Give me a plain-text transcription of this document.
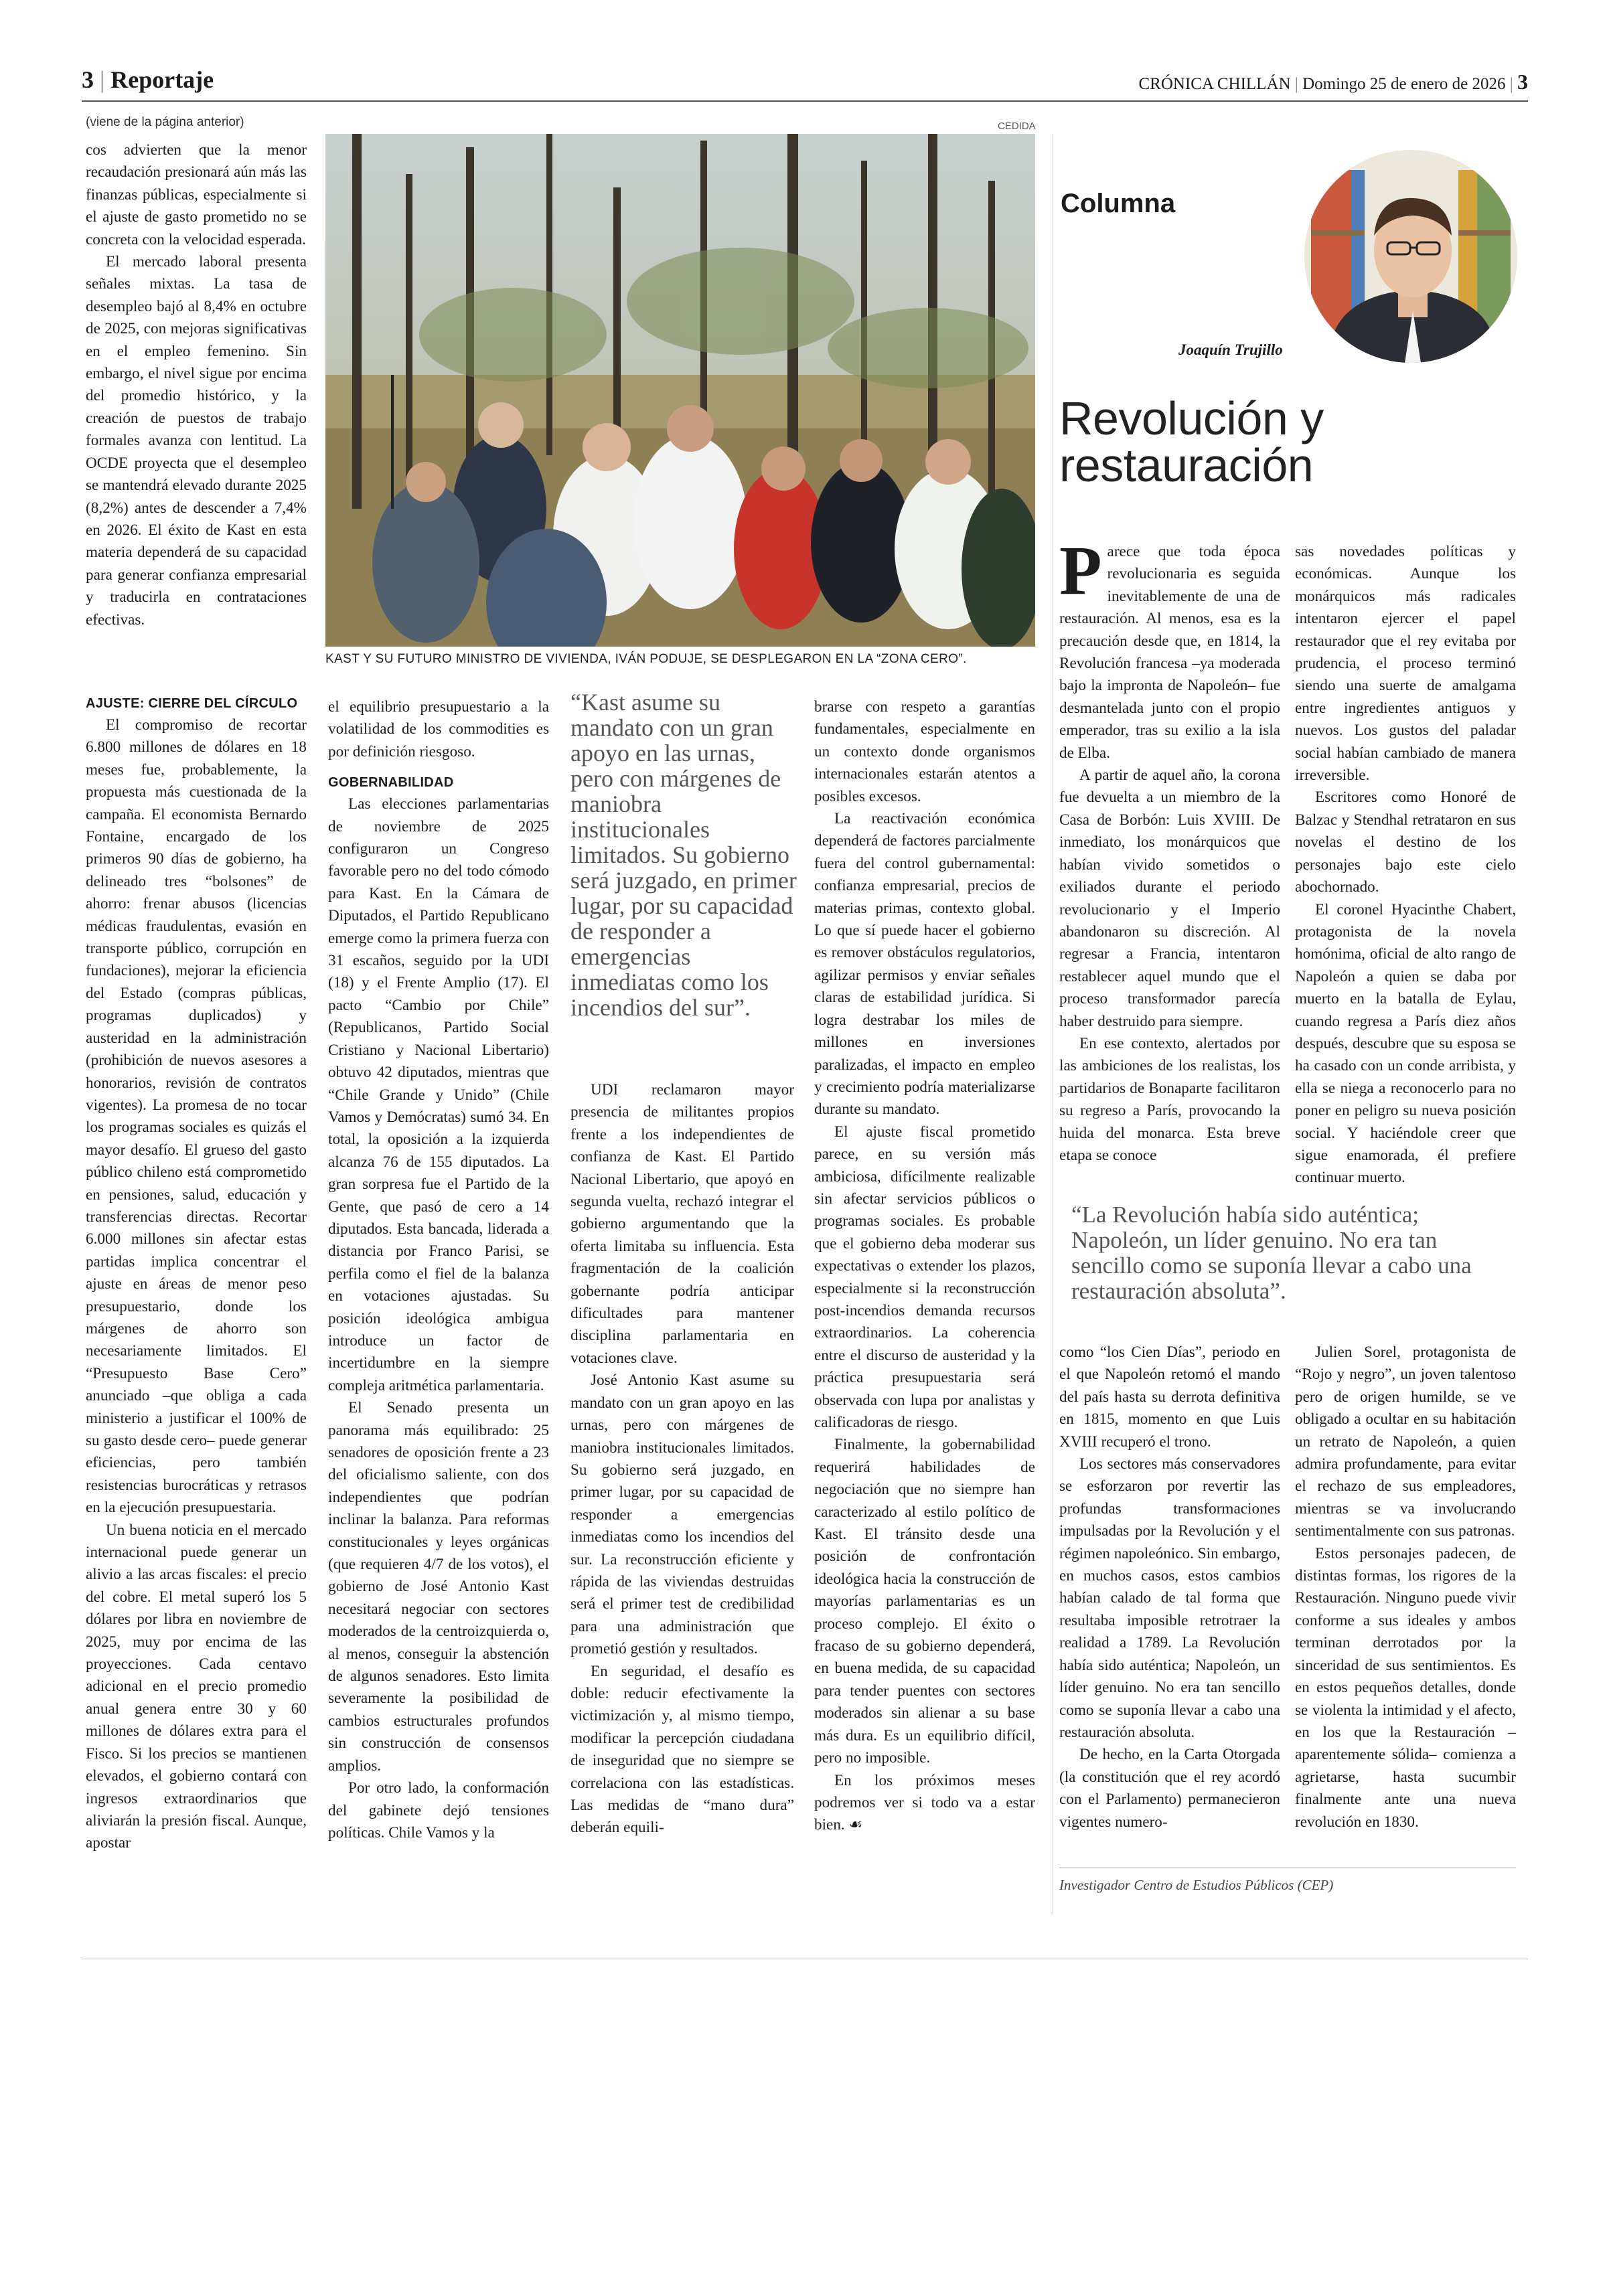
3 | Reportaje	CRÓNICA CHILLÁN | Domingo 25 de enero de 2026 | 3
(viene de la página anterior)

cos advierten que la menor recaudación presionará aún más las finanzas públicas, especialmente si el ajuste de gasto prometido no se concreta con la velocidad esperada.

El mercado laboral presenta señales mixtas. La tasa de desempleo bajó al 8,4% en octubre de 2025, con mejoras significativas en el empleo femenino. Sin embargo, el nivel sigue por encima del promedio histórico, y la creación de puestos de trabajo formales avanza con lentitud. La OCDE proyecta que el desempleo se mantendrá elevado durante 2025 (8,2%) antes de descender a 7,4% en 2026. El éxito de Kast en esta materia dependerá de su capacidad para generar confianza empresarial y traducirla en contrataciones efectivas.

CEDIDA
KAST Y SU FUTURO MINISTRO DE VIVIENDA, IVÁN PODUJE, SE DESPLEGARON EN LA “ZONA CERO”.
AJUSTE: CIERRE DEL CÍRCULO

El compromiso de recortar 6.800 millones de dólares en 18 meses fue, probablemente, la propuesta más cuestionada de la campaña. El economista Bernardo Fontaine, encargado de los primeros 90 días de gobierno, ha delineado tres “bolsones” de ahorro: frenar abusos (licencias médicas fraudulentas, evasión en transporte público, corrupción en fundaciones), mejorar la eficiencia del Estado (compras públicas, programas duplicados) y austeridad en la administración (prohibición de nuevos asesores a honorarios, revisión de contratos vigentes). La promesa de no tocar los programas sociales es quizás el mayor desafío. El grueso del gasto público chileno está comprometido en pensiones, salud, educación y transferencias directas. Recortar 6.000 millones sin afectar estas partidas implica concentrar el ajuste en áreas de menor peso presupuestario, donde los márgenes de ahorro son necesariamente limitados. El “Presupuesto Base Cero” anunciado –que obliga a cada ministerio a justificar el 100% de su gasto desde cero– puede generar eficiencias, pero también resistencias burocráticas y retrasos en la ejecución presupuestaria.

Un buena noticia en el mercado internacional puede generar un alivio a las arcas fiscales: el precio del cobre. El metal superó los 5 dólares por libra en noviembre de 2025, muy por encima de las proyecciones. Cada centavo adicional en el precio promedio anual genera entre 30 y 60 millones de dólares extra para el Fisco. Si los precios se mantienen elevados, el gobierno contará con ingresos extraordinarios que aliviarán la presión fiscal. Aunque, apostar

el equilibrio presupuestario a la volatilidad de los commodities es por definición riesgoso.

GOBERNABILIDAD

Las elecciones parlamentarias de noviembre de 2025 configuraron un Congreso favorable pero no del todo cómodo para Kast. En la Cámara de Diputados, el Partido Republicano emerge como la primera fuerza con 31 escaños, seguido por la UDI (18) y el Frente Amplio (17). El pacto “Cambio por Chile” (Republicanos, Partido Social Cristiano y Nacional Libertario) obtuvo 42 diputados, mientras que “Chile Grande y Unido” (Chile Vamos y Demócratas) sumó 34. En total, la oposición a la izquierda alcanza 76 de 155 diputados. La gran sorpresa fue el Partido de la Gente, que pasó de cero a 14 diputados. Esta bancada, liderada a distancia por Franco Parisi, se perfila como el fiel de la balanza en votaciones ajustadas. Su posición ideológica ambigua introduce un factor de incertidumbre en la siempre compleja aritmética parlamentaria.

El Senado presenta un panorama más equilibrado: 25 senadores de oposición frente a 23 del oficialismo saliente, con dos independientes que podrían inclinar la balanza. Para reformas constitucionales y leyes orgánicas (que requieren 4/7 de los votos), el gobierno de José Antonio Kast necesitará negociar con sectores moderados de la centroizquierda o, al menos, conseguir la abstención de algunos senadores. Esto limita severamente la posibilidad de cambios estructurales profundos sin construcción de consensos amplios.

Por otro lado, la conformación del gabinete dejó tensiones políticas. Chile Vamos y la

“Kast asume su mandato con un gran apoyo en las urnas, pero con márgenes de maniobra institucionales limitados. Su gobierno será juzgado, en primer lugar, por su capacidad de responder a emergencias inmediatas como los incendios del sur”.

UDI reclamaron mayor presencia de militantes propios frente a los independientes de confianza de Kast. El Partido Nacional Libertario, que apoyó en segunda vuelta, rechazó integrar el gobierno argumentando que la oferta limitaba su influencia. Esta fragmentación de la coalición gobernante podría anticipar dificultades para mantener disciplina parlamentaria en votaciones clave.

José Antonio Kast asume su mandato con un gran apoyo en las urnas, pero con márgenes de maniobra institucionales limitados. Su gobierno será juzgado, en primer lugar, por su capacidad de responder a emergencias inmediatas como los incendios del sur. La reconstrucción eficiente y rápida de las viviendas destruidas será el primer test de credibilidad para una administración que prometió gestión y resultados.

En seguridad, el desafío es doble: reducir efectivamente la victimización y, al mismo tiempo, modificar la percepción ciudadana de inseguridad que no siempre se correlaciona con las estadísticas. Las medidas de “mano dura” deberán equili-

brarse con respeto a garantías fundamentales, especialmente en un contexto donde organismos internacionales estarán atentos a posibles excesos.

La reactivación económica dependerá de factores parcialmente fuera del control gubernamental: confianza empresarial, precios de materias primas, contexto global. Lo que sí puede hacer el gobierno es remover obstáculos regulatorios, agilizar permisos y enviar señales claras de estabilidad jurídica. Si logra destrabar los miles de millones en inversiones paralizadas, el impacto en empleo y crecimiento podría materializarse durante su mandato.

El ajuste fiscal prometido parece, en su versión más ambiciosa, difícilmente realizable sin afectar servicios públicos o programas sociales. Es probable que el gobierno deba moderar sus expectativas o extender los plazos, especialmente si la reconstrucción post-incendios demanda recursos extraordinarios. La coherencia entre el discurso de austeridad y la práctica presupuestaria será observada con lupa por analistas y calificadoras de riesgo.

Finalmente, la gobernabilidad requerirá habilidades de negociación que no siempre han caracterizado al estilo político de Kast. El tránsito desde una posición de confrontación ideológica hacia la construcción de mayorías parlamentarias es un proceso complejo. El éxito o fracaso de su gobierno dependerá, en buena medida, de su capacidad para tender puentes con sectores moderados sin alienar a su base más dura. Es un equilibrio difícil, pero no imposible.

En los próximos meses podremos ver si todo va a estar bien. ☙

Columna
Joaquín Trujillo
Revolución y
restauración

Parece que toda época revolucionaria es seguida inevitablemente de una de restauración. Al menos, esa es la precaución desde que, en 1814, la Revolución francesa –ya moderada bajo la impronta de Napoleón– fue desmantelada junto con el propio emperador, tras su exilio a la isla de Elba.

A partir de aquel año, la corona fue devuelta a un miembro de la Casa de Borbón: Luis XVIII. De inmediato, los monárquicos que habían vivido sometidos o exiliados durante el periodo revolucionario y el Imperio abandonaron su discreción. Al regresar a Francia, intentaron restablecer aquel mundo que el proceso transformador parecía haber destruido para siempre.

En ese contexto, alertados por las ambiciones de los realistas, los partidarios de Bonaparte facilitaron su regreso a París, provocando la huida del monarca. Esta breve etapa se conoce

sas novedades políticas y económicas. Aunque los monárquicos más radicales intentaron ejercer el papel restaurador que el rey evitaba por prudencia, el proceso terminó siendo una suerte de amalgama entre ingredientes antiguos y nuevos. Los gustos del paladar social habían cambiado de manera irreversible.

Escritores como Honoré de Balzac y Stendhal retrataron en sus novelas el destino de los personajes bajo este cielo abochornado.

El coronel Hyacinthe Chabert, protagonista de la novela homónima, oficial de alto rango de Napoleón a quien se daba por muerto en la batalla de Eylau, cuando regresa a París diez años después, descubre que su esposa se ha casado con un conde arribista, y ella se niega a reconocerlo para no poner en peligro su nueva posición social. Y haciéndole creer que sigue enamorada, él prefiere continuar muerto.

“La Revolución había sido auténtica; Napoleón, un líder genuino. No era tan sencillo como se suponía llevar a cabo una restauración absoluta”.

como “los Cien Días”, periodo en el que Napoleón retomó el mando del país hasta su derrota definitiva en 1815, momento en que Luis XVIII recuperó el trono.

Los sectores más conservadores se esforzaron por revertir las profundas transformaciones impulsadas por la Revolución y el régimen napoleónico. Sin embargo, en muchos casos, estos cambios habían calado de tal forma que resultaba imposible retrotraer la realidad a 1789. La Revolución había sido auténtica; Napoleón, un líder genuino. No era tan sencillo como se suponía llevar a cabo una restauración absoluta.

De hecho, en la Carta Otorgada (la constitución que el rey acordó con el Parlamento) permanecieron vigentes numero-

Julien Sorel, protagonista de “Rojo y negro”, un joven talentoso pero de origen humilde, se ve obligado a ocultar en su habitación un retrato de Napoleón, a quien admira profundamente, para evitar el rechazo de sus empleadores, mientras se va involucrando sentimentalmente con sus patronas.

Estos personajes padecen, de distintas formas, los rigores de la Restauración. Ninguno puede vivir conforme a sus ideales y ambos terminan derrotados por la sinceridad de sus sentimientos. Es en estos pequeños detalles, donde se violenta la intimidad y el afecto, en los que la Restauración –aparentemente sólida– comienza a agrietarse, hasta sucumbir finalmente ante una nueva revolución en 1830.

Investigador Centro de Estudios Públicos (CEP)
